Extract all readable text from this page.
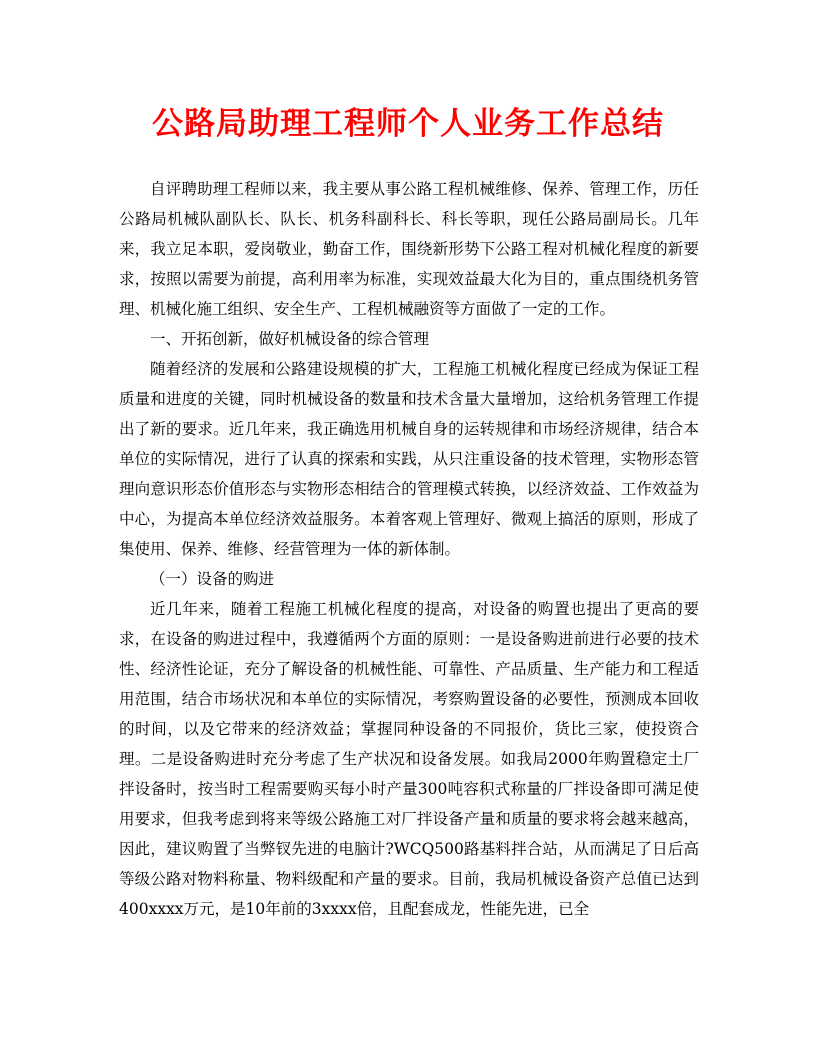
公路局助理工程师个人业务工作总结

自评聘助理工程师以来，我主要从事公路工程机械维修、保养、管理工作，历任公路局机械队副队长、队长、机务科副科长、科长等职，现任公路局副局长。几年来，我立足本职，爱岗敬业，勤奋工作，围绕新形势下公路工程对机械化程度的新要求，按照以需要为前提，高利用率为标准，实现效益最大化为目的，重点围绕机务管理、机械化施工组织、安全生产、工程机械融资等方面做了一定的工作。

一、开拓创新，做好机械设备的综合管理

随着经济的发展和公路建设规模的扩大，工程施工机械化程度已经成为保证工程质量和进度的关键，同时机械设备的数量和技术含量大量增加，这给机务管理工作提出了新的要求。近几年来，我正确选用机械自身的运转规律和市场经济规律，结合本单位的实际情况，进行了认真的探索和实践，从只注重设备的技术管理，实物形态管理向意识形态价值形态与实物形态相结合的管理模式转换，以经济效益、工作效益为中心，为提高本单位经济效益服务。本着客观上管理好、微观上搞活的原则，形成了集使用、保养、维修、经营管理为一体的新体制。

（一）设备的购进

近几年来，随着工程施工机械化程度的提高，对设备的购置也提出了更高的要求，在设备的购进过程中，我遵循两个方面的原则：一是设备购进前进行必要的技术性、经济性论证，充分了解设备的机械性能、可靠性、产品质量、生产能力和工程适用范围，结合市场状况和本单位的实际情况，考察购置设备的必要性，预测成本回收的时间，以及它带来的经济效益；掌握同种设备的不同报价，货比三家，使投资合理。二是设备购进时充分考虑了生产状况和设备发展。如我局2000年购置稳定土厂拌设备时，按当时工程需要购买每小时产量300吨容积式称量的厂拌设备即可满足使用要求，但我考虑到将来等级公路施工对厂拌设备产量和质量的要求将会越来越高，因此，建议购置了当弊钗先进的电脑计?WCQ500路基料拌合站，从而满足了日后高等级公路对物料称量、物料级配和产量的要求。目前，我局机械设备资产总值已达到400xxxx万元，是10年前的3xxxx倍，且配套成龙，性能先进，已全
